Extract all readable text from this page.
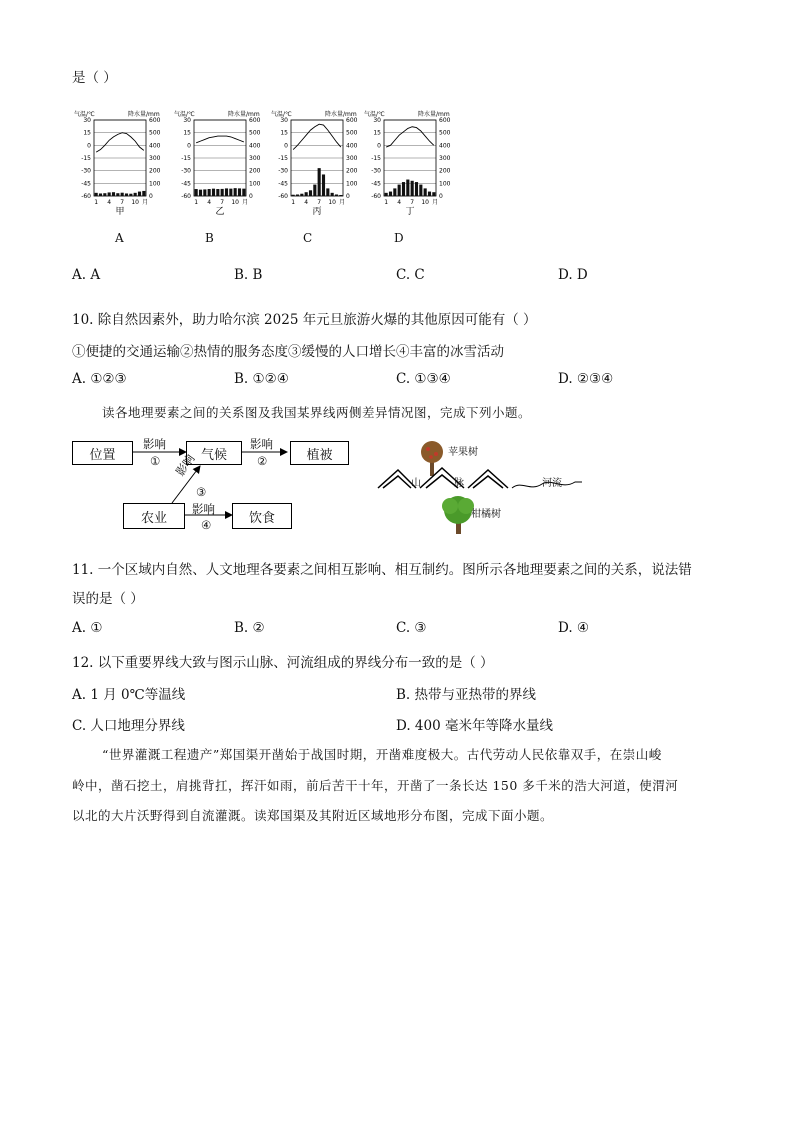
是（ ）
气温/℃	降水量/mm
30
15
0
-15
-30
-45
-60
600
500
400
300
200
100
0
1 4 7 10 月
甲
气温/℃	降水量/mm
30
15
0
-15
-30
-45
-60
600
500
400
300
200
100
0
1 4 7 10 月
乙
气温/℃	降水量/mm
30
15
0
-15
-30
-45
-60
600
500
400
300
200
100
0
1 4 7 10 月
丙
气温/℃	降水量/mm
30
15
0
-15
-30
-45
-60
600
500
400
300
200
100
0
1 4 7 10 月
丁
A	B	C	D
A. A	B. B	C. C	D. D
10. 除自然因素外，助力哈尔滨 2025 年元旦旅游火爆的其他原因可能有（ ）
①便捷的交通运输②热情的服务态度③缓慢的人口增长④丰富的冰雪活动
A. ①②③	B. ①②④	C. ①③④	D. ②③④
读各地理要素之间的关系图及我国某界线两侧差异情况图，完成下列小题。
位置	气候	植被
农业	饮食
影响
①
影响
②
影响
③
影响
④
苹果树
山	脉	河流
柑橘树
11. 一个区域内自然、人文地理各要素之间相互影响、相互制约。图所示各地理要素之间的关系，说法错
误的是（ ）
A. ①	B. ②	C. ③	D. ④
12. 以下重要界线大致与图示山脉、河流组成的界线分布一致的是（ ）
A. 1 月 0℃等温线	B. 热带与亚热带的界线
C. 人口地理分界线	D. 400 毫米年等降水量线
“世界灌溉工程遗产”郑国渠开凿始于战国时期，开凿难度极大。古代劳动人民依靠双手，在崇山峻
岭中，凿石挖土，肩挑背扛，挥汗如雨，前后苦干十年，开凿了一条长达 150 多千米的浩大河道，使渭河
以北的大片沃野得到自流灌溉。读郑国渠及其附近区域地形分布图，完成下面小题。
